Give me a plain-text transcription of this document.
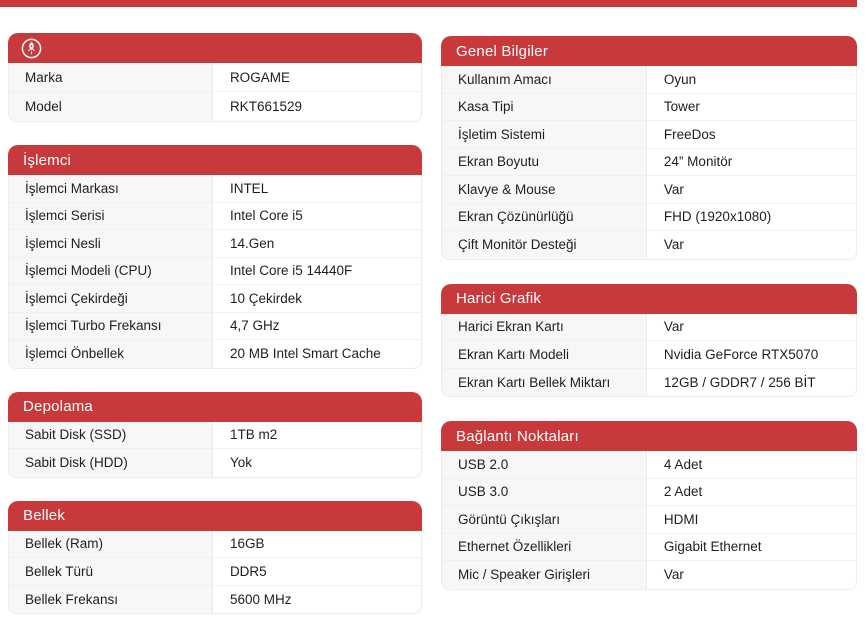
Marka	ROGAME
Model	RKT661529
İşlemci
İşlemci Markası	INTEL
İşlemci Serisi	Intel Core i5
İşlemci Nesli	14.Gen
İşlemci Modeli (CPU)	Intel Core i5 14440F
İşlemci Çekirdeği	10 Çekirdek
İşlemci Turbo Frekansı	4,7 GHz
İşlemci Önbellek	20 MB Intel Smart Cache
Depolama
Sabit Disk (SSD)	1TB m2
Sabit Disk (HDD)	Yok
Bellek
Bellek (Ram)	16GB
Bellek Türü	DDR5
Bellek Frekansı	5600 MHz
Genel Bilgiler
Kullanım Amacı	Oyun
Kasa Tipi	Tower
İşletim Sistemi	FreeDos
Ekran Boyutu	24” Monitör
Klavye & Mouse	Var
Ekran Çözünürlüğü	FHD (1920x1080)
Çift Monitör Desteği	Var
Harici Grafik
Harici Ekran Kartı	Var
Ekran Kartı Modeli	Nvidia GeForce RTX5070
Ekran Kartı Bellek Miktarı	12GB / GDDR7 / 256 BİT
Bağlantı Noktaları
USB 2.0	4 Adet
USB 3.0	2 Adet
Görüntü Çıkışları	HDMI
Ethernet Özellikleri	Gigabit Ethernet
Mic / Speaker Girişleri	Var
